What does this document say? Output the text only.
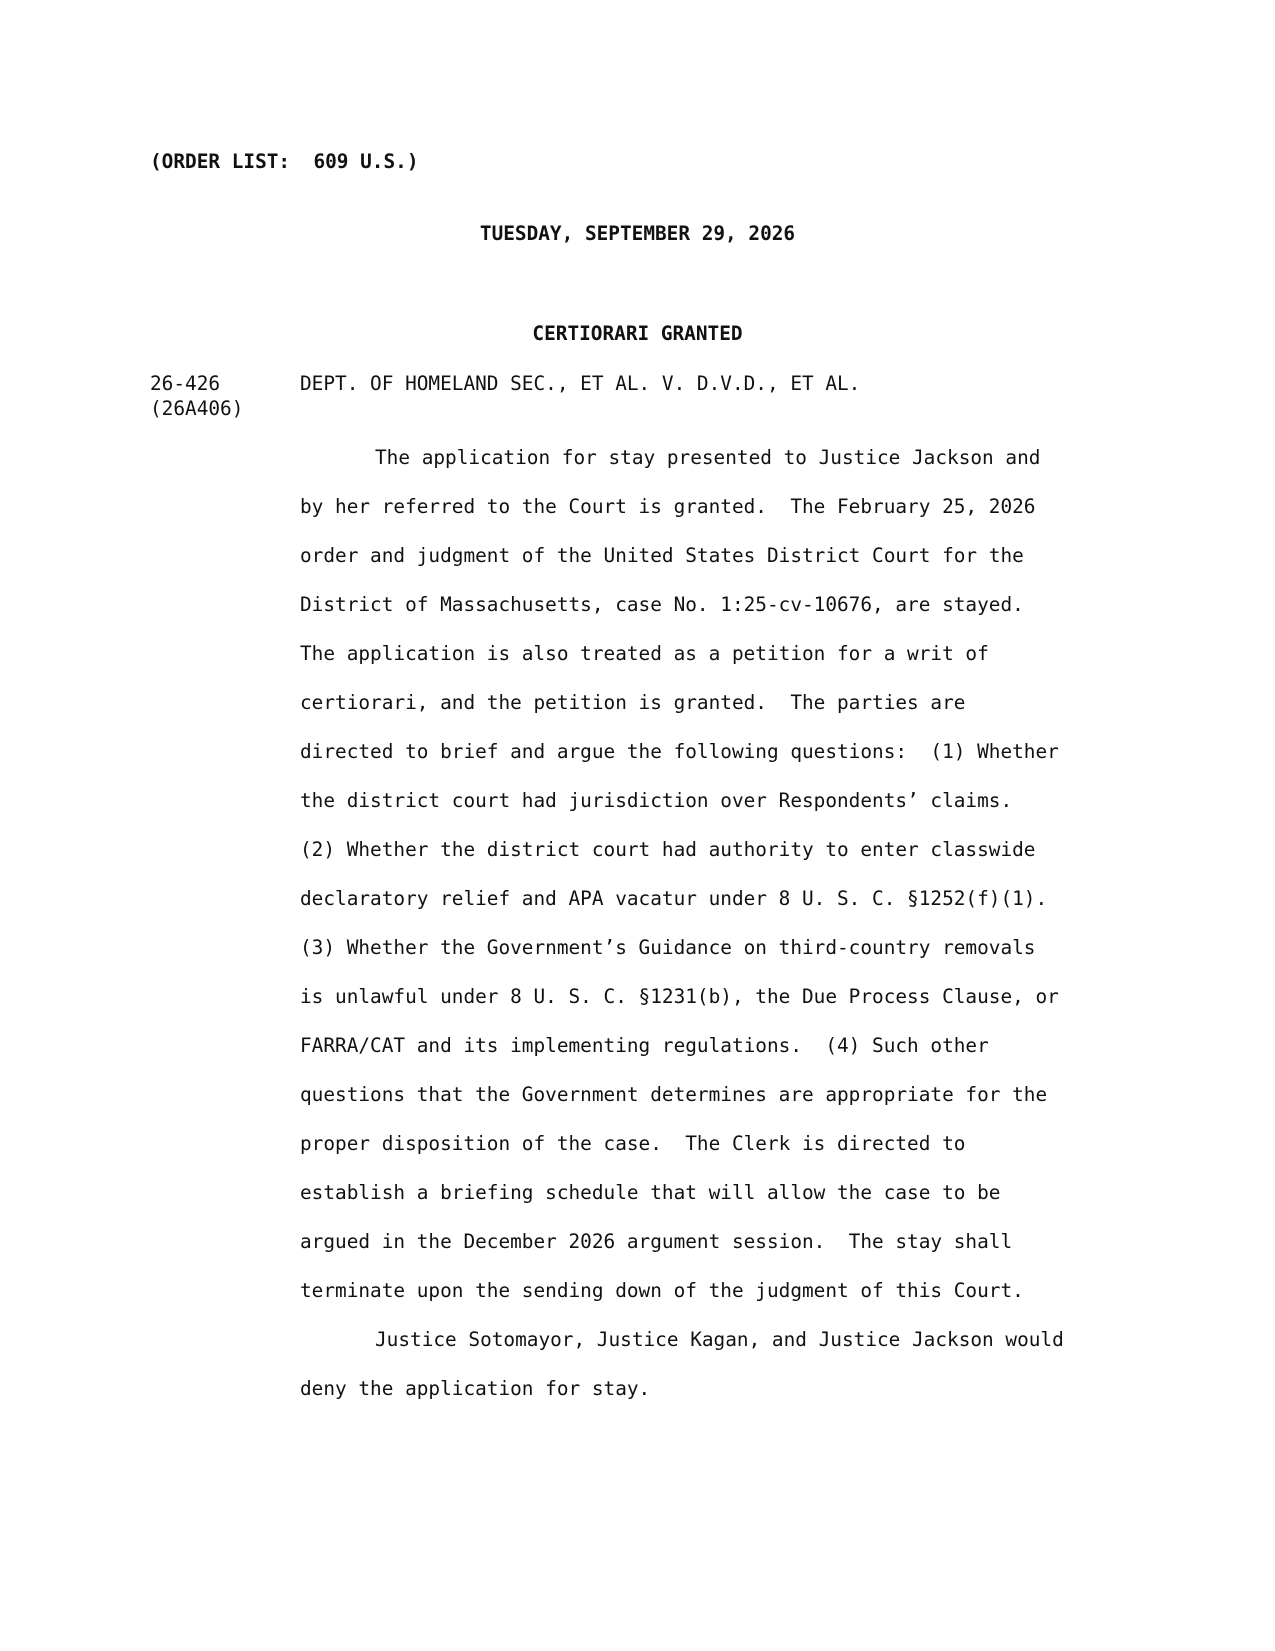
(ORDER LIST:  609 U.S.)
TUESDAY, SEPTEMBER 29, 2026
CERTIORARI GRANTED
26-426
(26A406)
DEPT. OF HOMELAND SEC., ET AL. V. D.V.D., ET AL.
The application for stay presented to Justice Jackson and
by her referred to the Court is granted.  The February 25, 2026
order and judgment of the United States District Court for the
District of Massachusetts, case No. 1:25-cv-10676, are stayed.
The application is also treated as a petition for a writ of
certiorari, and the petition is granted.  The parties are
directed to brief and argue the following questions:  (1) Whether
the district court had jurisdiction over Respondents’ claims.
(2) Whether the district court had authority to enter classwide
declaratory relief and APA vacatur under 8 U. S. C. §1252(f)(1).
(3) Whether the Government’s Guidance on third-country removals
is unlawful under 8 U. S. C. §1231(b), the Due Process Clause, or
FARRA/CAT and its implementing regulations.  (4) Such other
questions that the Government determines are appropriate for the
proper disposition of the case.  The Clerk is directed to
establish a briefing schedule that will allow the case to be
argued in the December 2026 argument session.  The stay shall
terminate upon the sending down of the judgment of this Court.
Justice Sotomayor, Justice Kagan, and Justice Jackson would
deny the application for stay.
